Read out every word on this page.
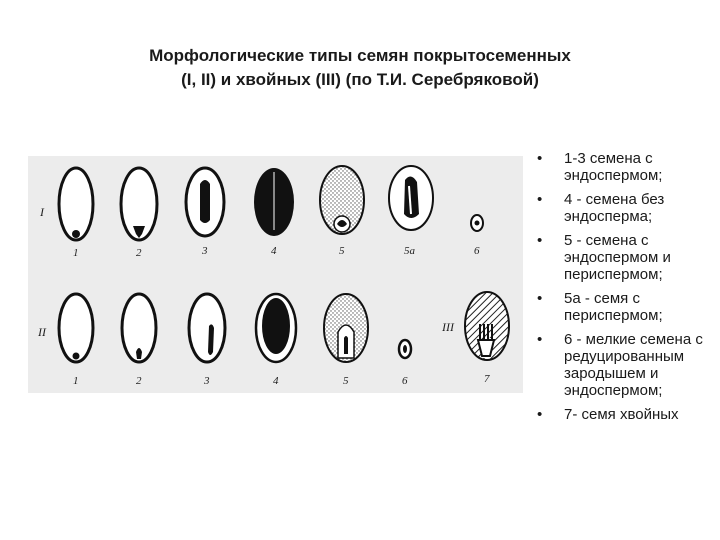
Морфологические типы семян покрытосеменных
(I, II) и хвойных (III) (по Т.И. Серебряковой)
I
II	III
1	2	3	4	5	5а	6
1	2	3	4	5	6	7
• 1-3 семена с эндоспермом;
• 4 - семена без эндосперма;
• 5 - семена с эндоспермом и периспермом;
• 5а - семя с периспермом;
• 6 - мелкие семена с редуцированным зародышем и эндоспермом;
• 7- семя хвойных
